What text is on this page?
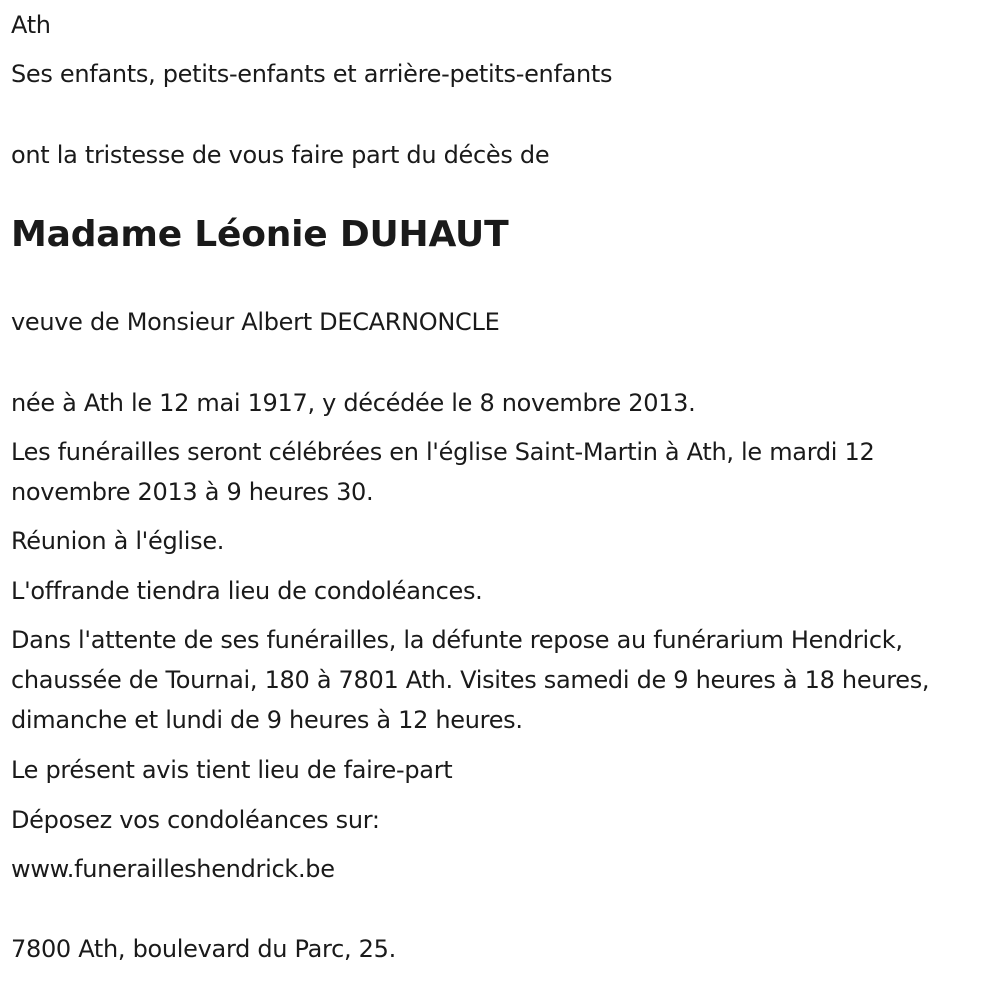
Ath

Ses enfants, petits-enfants et arrière-petits-enfants

ont la tristesse de vous faire part du décès de

Madame Léonie DUHAUT

veuve de Monsieur Albert DECARNONCLE

née à Ath le 12 mai 1917, y décédée le 8 novembre 2013.

Les funérailles seront célébrées en l'église Saint-Martin à Ath, le mardi 12 novembre 2013 à 9 heures 30.

Réunion à l'église.

L'offrande tiendra lieu de condoléances.

Dans l'attente de ses funérailles, la défunte repose au funérarium Hendrick, chaussée de Tournai, 180 à 7801 Ath. Visites samedi de 9 heures à 18 heures, dimanche et lundi de 9 heures à 12 heures.

Le présent avis tient lieu de faire-part

Déposez vos condoléances sur:

www.funerailleshendrick.be

7800 Ath, boulevard du Parc, 25.
